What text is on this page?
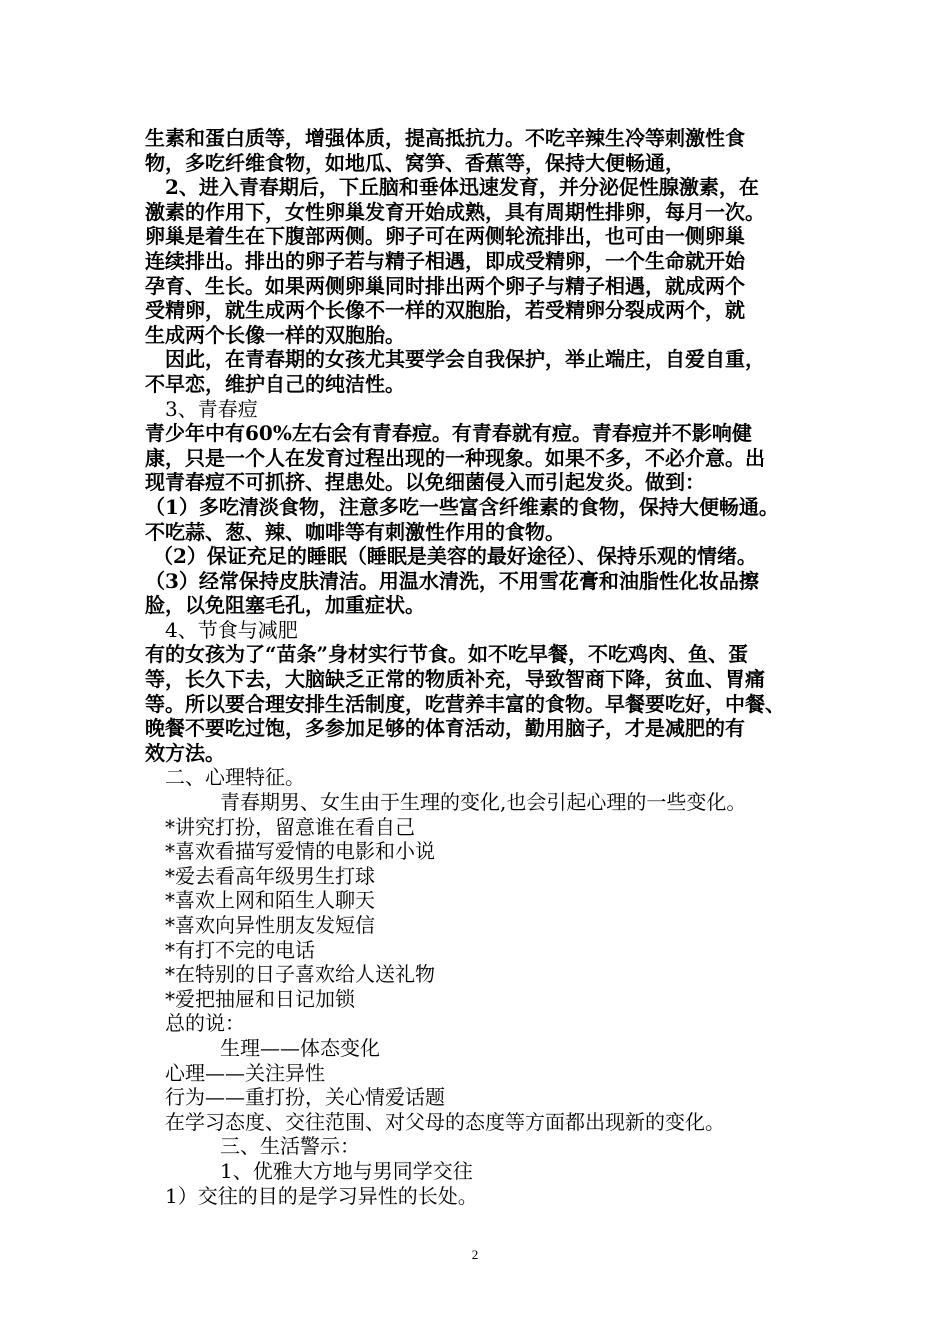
生素和蛋白质等，增强体质，提高抵抗力。不吃辛辣生冷等刺激性食
物，多吃纤维食物，如地瓜、窝笋、香蕉等，保持大便畅通，
2、进入青春期后，下丘脑和垂体迅速发育，并分泌促性腺激素，在
激素的作用下，女性卵巢发育开始成熟，具有周期性排卵，每月一次。
卵巢是着生在下腹部两侧。卵子可在两侧轮流排出，也可由一侧卵巢
连续排出。排出的卵子若与精子相遇，即成受精卵，一个生命就开始
孕育、生长。如果两侧卵巢同时排出两个卵子与精子相遇，就成两个
受精卵，就生成两个长像不一样的双胞胎，若受精卵分裂成两个，就
生成两个长像一样的双胞胎。
因此，在青春期的女孩尤其要学会自我保护，举止端庄，自爱自重，
不早恋，维护自己的纯洁性。
3、青春痘
青少年中有60%左右会有青春痘。有青春就有痘。青春痘并不影响健
康，只是一个人在发育过程出现的一种现象。如果不多，不必介意。出
现青春痘不可抓挤、捏患处。以免细菌侵入而引起发炎。做到：
（1）多吃清淡食物，注意多吃一些富含纤维素的食物，保持大便畅通。
不吃蒜、葱、辣、咖啡等有刺激性作用的食物。
（2）保证充足的睡眠（睡眠是美容的最好途径）、保持乐观的情绪。
（3）经常保持皮肤清洁。用温水清洗，不用雪花膏和油脂性化妆品擦
脸，以免阻塞毛孔，加重症状。
4、节食与减肥
有的女孩为了“苗条”身材实行节食。如不吃早餐，不吃鸡肉、鱼、蛋
等，长久下去，大脑缺乏正常的物质补充，导致智商下降，贫血、胃痛
等。所以要合理安排生活制度，吃营养丰富的食物。早餐要吃好，中餐、
晚餐不要吃过饱，多参加足够的体育活动，勤用脑子，才是减肥的有
效方法。
二、心理特征。
青春期男、女生由于生理的变化,也会引起心理的一些变化。
*讲究打扮，留意谁在看自己
*喜欢看描写爱情的电影和小说
*爱去看高年级男生打球
*喜欢上网和陌生人聊天
*喜欢向异性朋友发短信
*有打不完的电话
*在特别的日子喜欢给人送礼物
*爱把抽屉和日记加锁
总的说：
生理——体态变化
心理——关注异性
行为——重打扮，关心情爱话题
在学习态度、交往范围、对父母的态度等方面都出现新的变化。
三、生活警示：
1、优雅大方地与男同学交往
1）交往的目的是学习异性的长处。
2
